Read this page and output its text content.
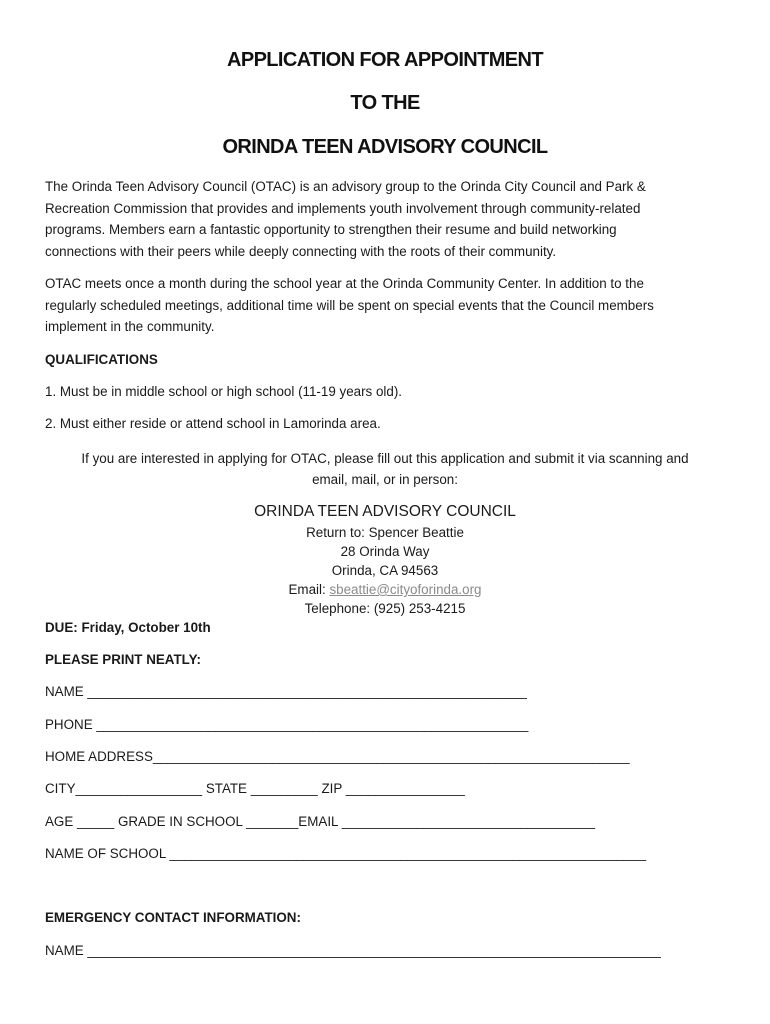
APPLICATION FOR APPOINTMENT
TO THE
ORINDA TEEN ADVISORY COUNCIL
The Orinda Teen Advisory Council (OTAC) is an advisory group to the Orinda City Council and Park &
Recreation Commission that provides and implements youth involvement through community-related
programs. Members earn a fantastic opportunity to strengthen their resume and build networking
connections with their peers while deeply connecting with the roots of their community.
OTAC meets once a month during the school year at the Orinda Community Center. In addition to the
regularly scheduled meetings, additional time will be spent on special events that the Council members
implement in the community.
QUALIFICATIONS
1. Must be in middle school or high school (11-19 years old).
2. Must either reside or attend school in Lamorinda area.
If you are interested in applying for OTAC, please fill out this application and submit it via scanning and
email, mail, or in person:
ORINDA TEEN ADVISORY COUNCIL
Return to: Spencer Beattie
28 Orinda Way
Orinda, CA 94563
Email: sbeattie@cityoforinda.org
Telephone: (925) 253-4215
DUE: Friday, October 10th
PLEASE PRINT NEATLY:
NAME ___________________________________________________________
PHONE __________________________________________________________
HOME ADDRESS________________________________________________________________
CITY_________________ STATE _________ ZIP ________________
AGE _____ GRADE IN SCHOOL _______EMAIL __________________________________
NAME OF SCHOOL ________________________________________________________________
EMERGENCY CONTACT INFORMATION:
NAME _____________________________________________________________________________
